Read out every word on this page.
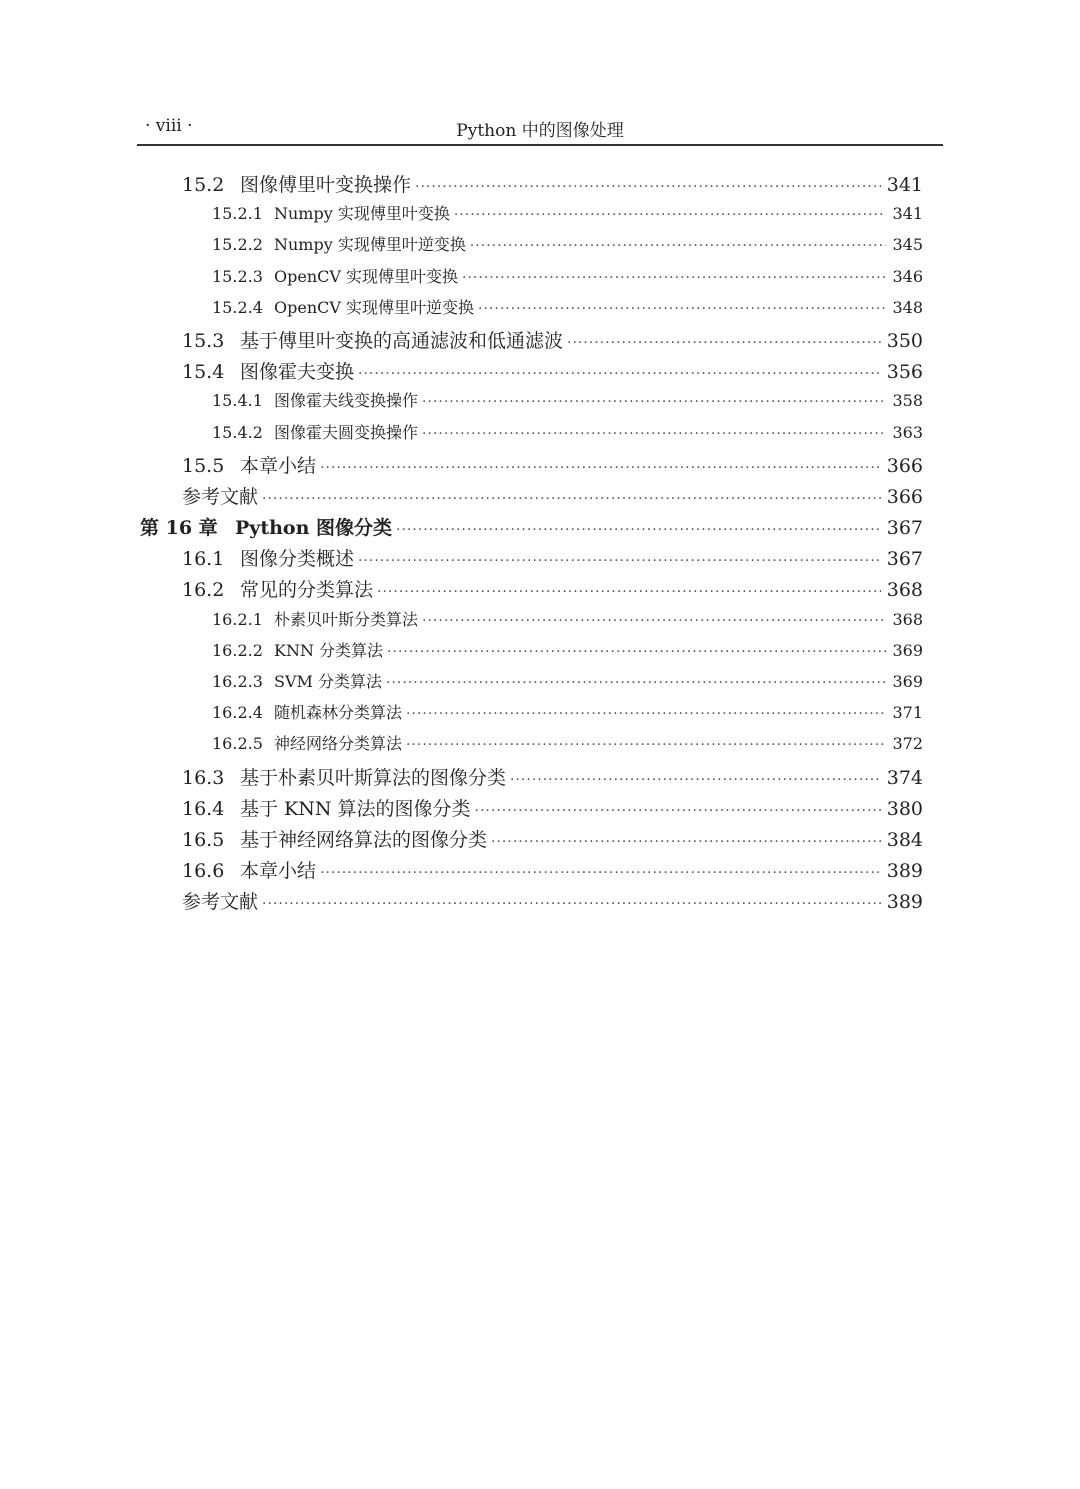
· viii ·	Python 中的图像处理
15.2 图像傅里叶变换操作 ·····	341
15.2.1 Numpy 实现傅里叶变换 ·····	341
15.2.2 Numpy 实现傅里叶逆变换 ·····	345
15.2.3 OpenCV 实现傅里叶变换 ·····	346
15.2.4 OpenCV 实现傅里叶逆变换 ·····	348
15.3 基于傅里叶变换的高通滤波和低通滤波 ·····	350
15.4 图像霍夫变换 ·····	356
15.4.1 图像霍夫线变换操作 ·····	358
15.4.2 图像霍夫圆变换操作 ·····	363
15.5 本章小结 ·····	366
参考文献 ·····	366
第 16 章 Python 图像分类 ·····	367
16.1 图像分类概述 ·····	367
16.2 常见的分类算法 ·····	368
16.2.1 朴素贝叶斯分类算法 ·····	368
16.2.2 KNN 分类算法 ·····	369
16.2.3 SVM 分类算法 ·····	369
16.2.4 随机森林分类算法 ·····	371
16.2.5 神经网络分类算法 ·····	372
16.3 基于朴素贝叶斯算法的图像分类 ·····	374
16.4 基于 KNN 算法的图像分类 ·····	380
16.5 基于神经网络算法的图像分类 ·····	384
16.6 本章小结 ·····	389
参考文献 ·····	389
